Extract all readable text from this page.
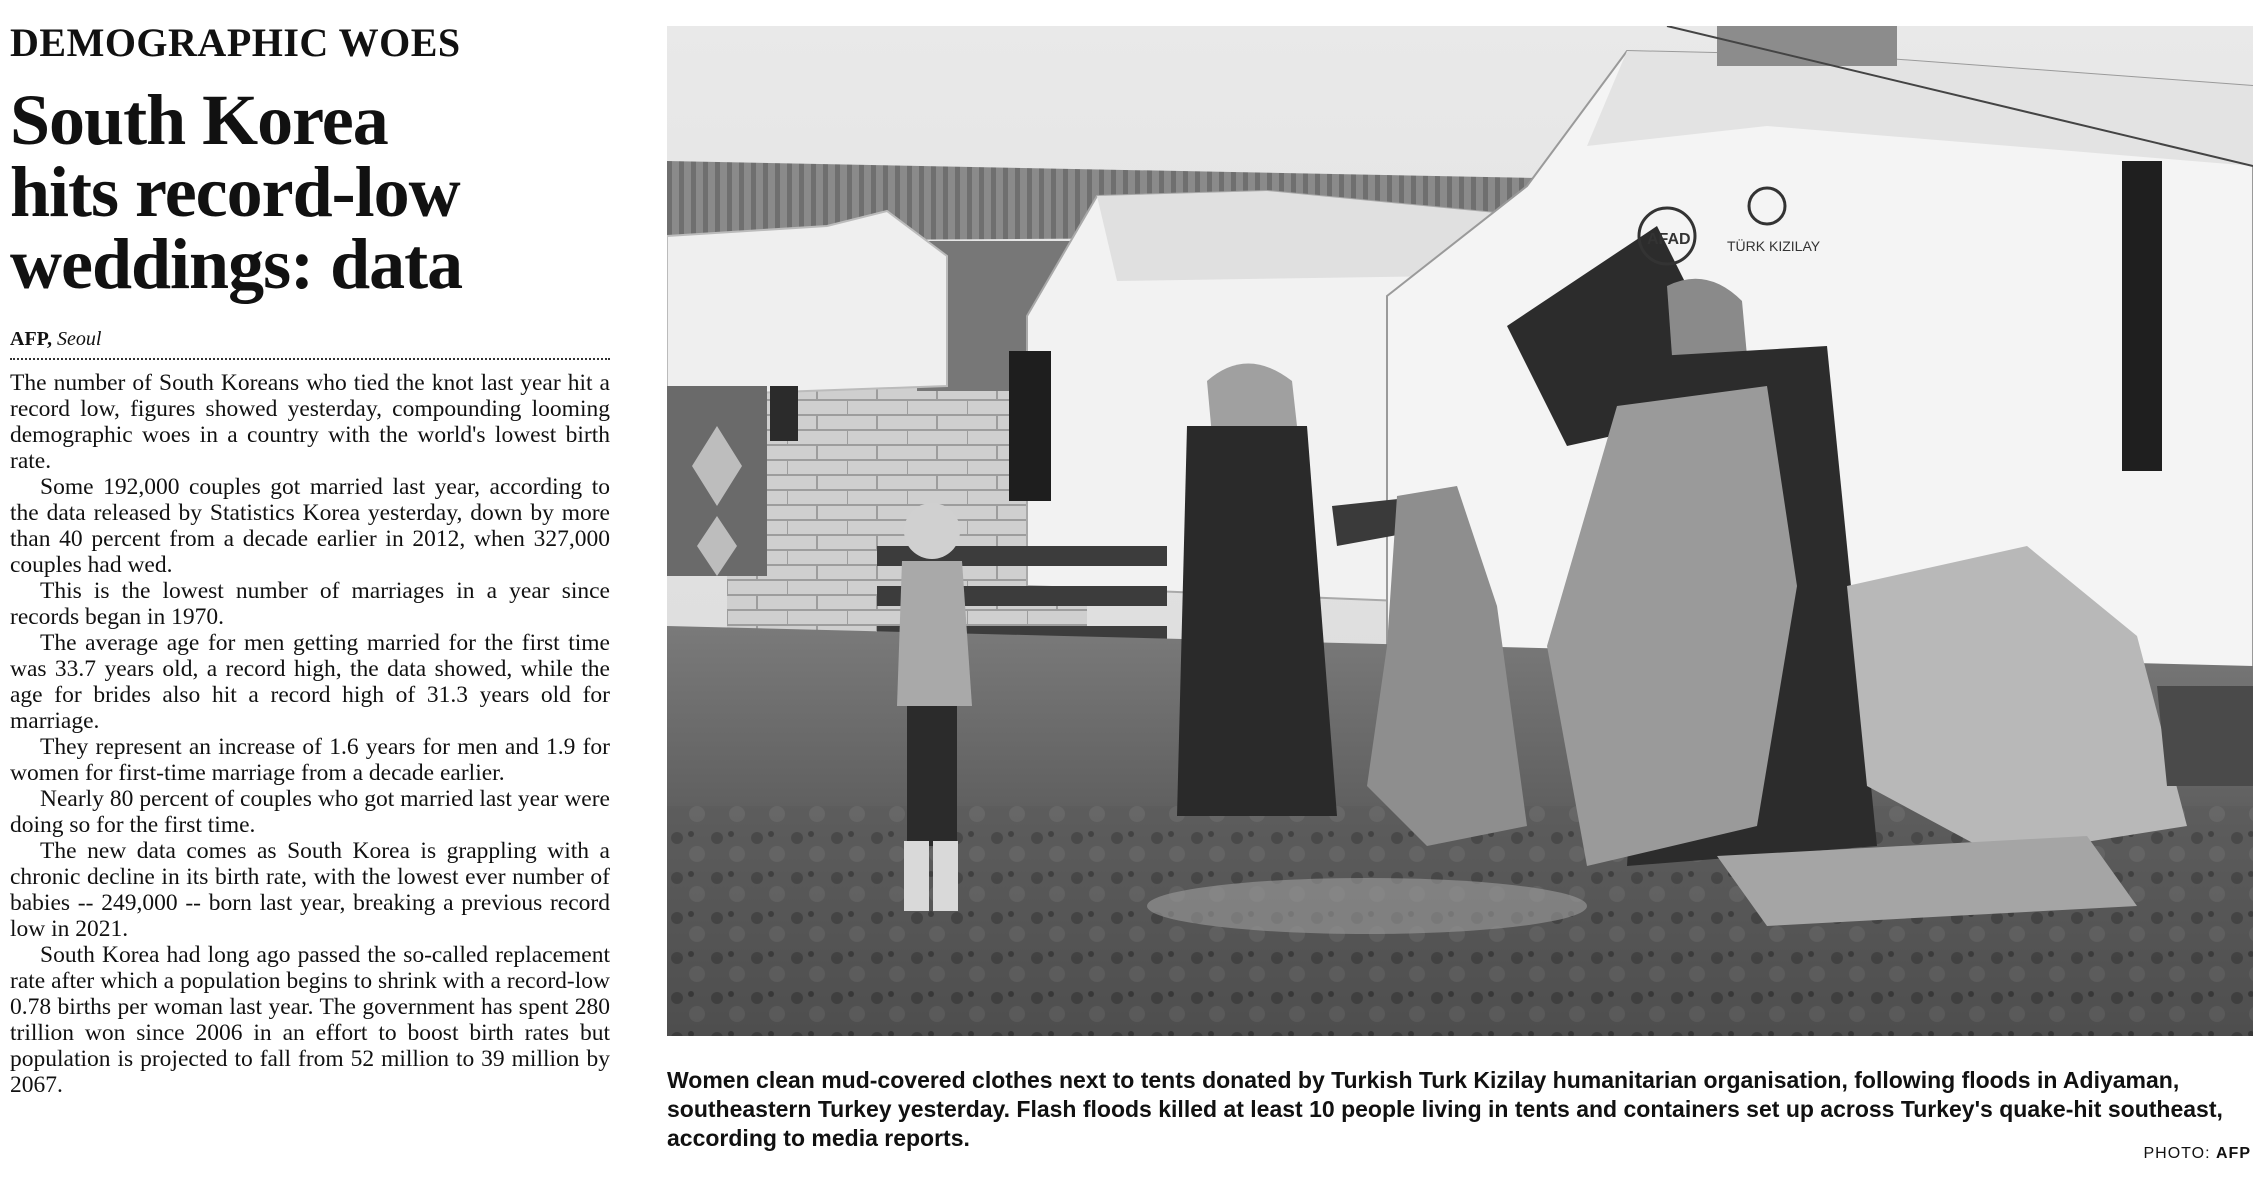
DEMOGRAPHIC WOES
South Korea
hits record-low
weddings: data
AFP, Seoul

The number of South Koreans who tied the knot last year hit a record low, figures showed yesterday, compounding looming demographic woes in a country with the world's lowest birth rate.

Some 192,000 couples got married last year, according to the data released by Statistics Korea yesterday, down by more than 40 percent from a decade earlier in 2012, when 327,000 couples had wed.

This is the lowest number of marriages in a year since records began in 1970.

The average age for men getting married for the first time was 33.7 years old, a record high, the data showed, while the age for brides also hit a record high of 31.3 years old for marriage.

They represent an increase of 1.6 years for men and 1.9 for women for first-time marriage from a decade earlier.

Nearly 80 percent of couples who got married last year were doing so for the first time.

The new data comes as South Korea is grappling with a chronic decline in its birth rate, with the lowest ever number of babies -- 249,000 -- born last year, breaking a previous record low in 2021.

South Korea had long ago passed the so-called replacement rate after which a population begins to shrink with a record-low 0.78 births per woman last year. The government has spent 280 trillion won since 2006 in an effort to boost birth rates but population is projected to fall from 52 million to 39 million by 2067.

AFAD	TÜRK KIZILAY

Women clean mud-covered clothes next to tents donated by Turkish Turk Kizilay humanitarian organisation, following floods in Adiyaman, southeastern Turkey yesterday. Flash floods killed at least 10 people living in tents and containers set up across Turkey's quake-hit southeast, according to media reports.

PHOTO: AFP
